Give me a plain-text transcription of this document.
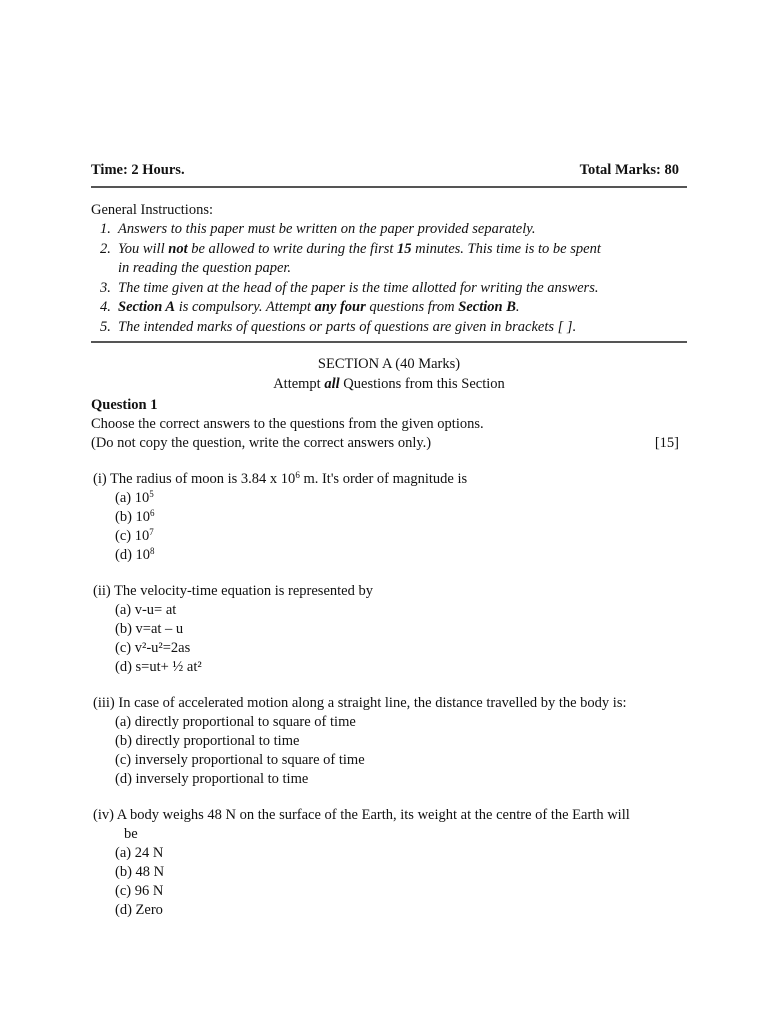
Time: 2 Hours.	Total Marks: 80
General Instructions:
1. Answers to this paper must be written on the paper provided separately.
2. You will not be allowed to write during the first 15 minutes. This time is to be spent
in reading the question paper.
3. The time given at the head of the paper is the time allotted for writing the answers.
4. Section A is compulsory. Attempt any four questions from Section B.
5. The intended marks of questions or parts of questions are given in brackets [ ].
SECTION A (40 Marks)
Attempt all Questions from this Section
Question 1
Choose the correct answers to the questions from the given options.
(Do not copy the question, write the correct answers only.)	[15]
(i) The radius of moon is 3.84 x $10^6$ m. It's order of magnitude is
(a) $10^5$
(b) $10^6$
(c) $10^7$
(d) $10^8$
(ii) The velocity-time equation is represented by
(a) v-u= at
(b) v=at – u
(c) v²-u²=2as
(d) s=ut+ ½ at²
(iii) In case of accelerated motion along a straight line, the distance travelled by the body is:
(a) directly proportional to square of time
(b) directly proportional to time
(c) inversely proportional to square of time
(d) inversely proportional to time
(iv) A body weighs 48 N on the surface of the Earth, its weight at the centre of the Earth will
be
(a) 24 N
(b) 48 N
(c) 96 N
(d) Zero
